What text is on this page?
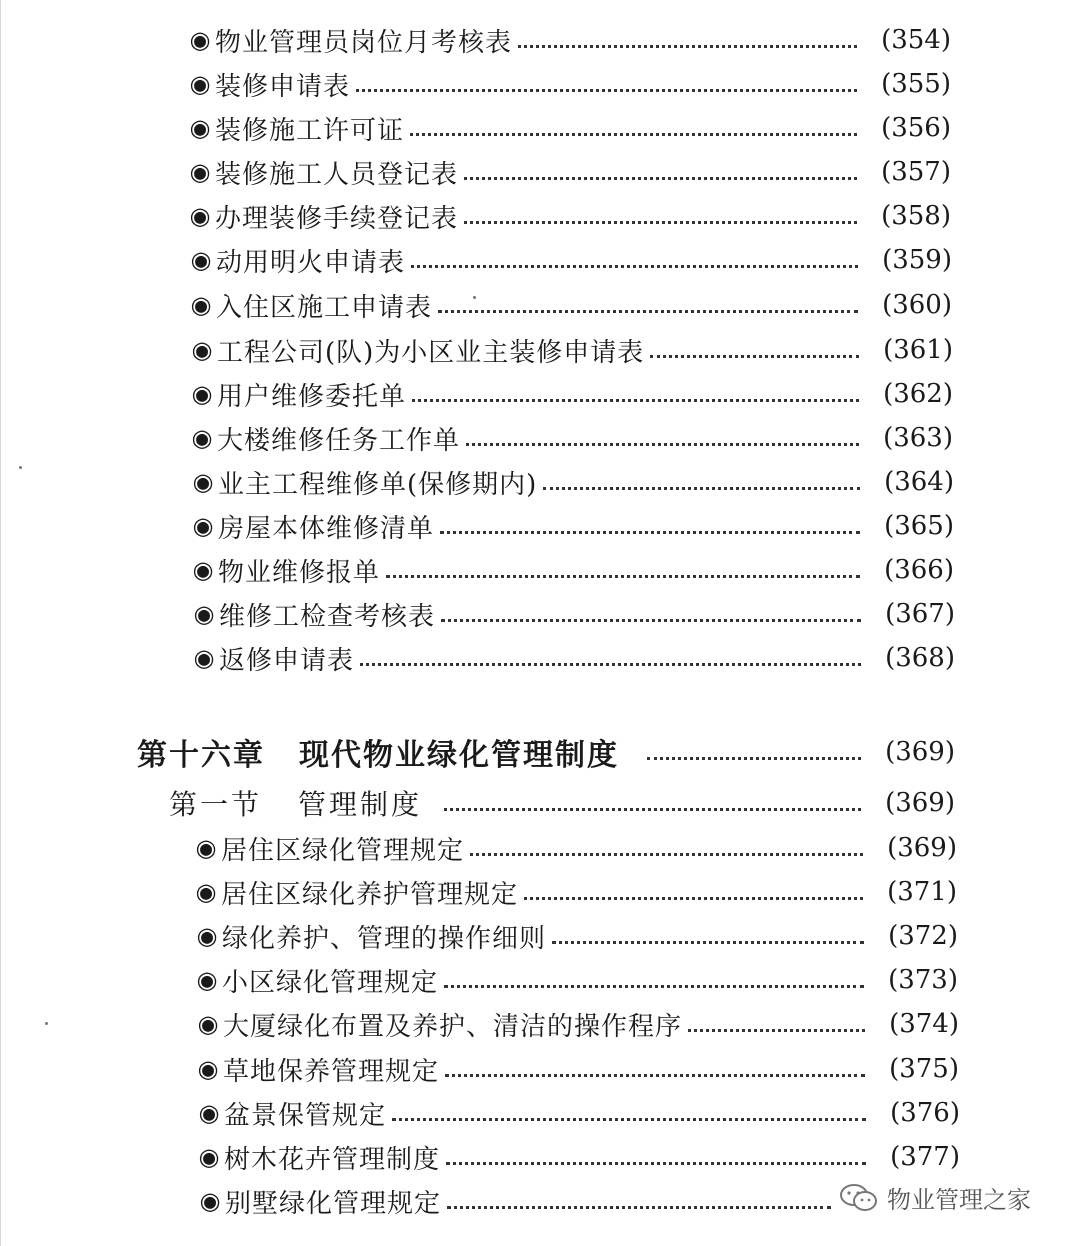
◉ 物业管理员岗位月考核表	(354)
◉ 装修申请表	(355)
◉ 装修施工许可证	(356)
◉ 装修施工人员登记表	(357)
◉ 办理装修手续登记表	(358)
◉ 动用明火申请表	(359)
◉ 入住区施工申请表	(360)
◉ 工程公司(队)为小区业主装修申请表	(361)
◉ 用户维修委托单	(362)
◉ 大楼维修任务工作单	(363)
◉ 业主工程维修单(保修期内)	(364)
◉ 房屋本体维修清单	(365)
◉ 物业维修报单	(366)
◉ 维修工检查考核表	(367)
◉ 返修申请表	(368)
第十六章 现代物业绿化管理制度	(369)
第一节 管理制度	(369)
◉ 居住区绿化管理规定	(369)
◉ 居住区绿化养护管理规定	(371)
◉ 绿化养护、管理的操作细则	(372)
◉ 小区绿化管理规定	(373)
◉ 大厦绿化布置及养护、清洁的操作程序	(374)
◉ 草地保养管理规定	(375)
◉ 盆景保管规定	(376)
◉ 树木花卉管理制度	(377)
◉ 别墅绿化管理规定	物业管理之家
